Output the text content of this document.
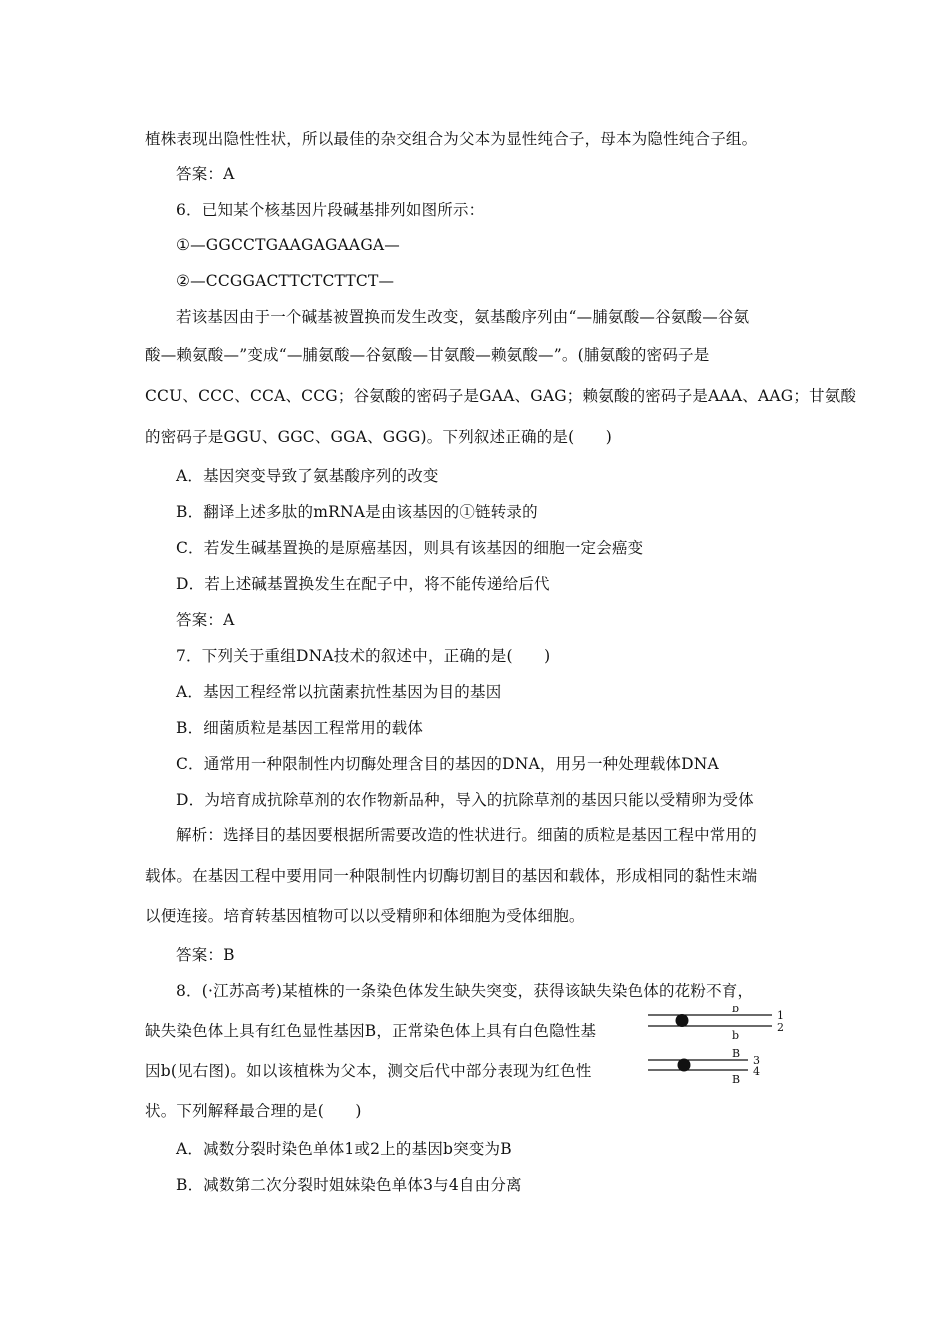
植株表现出隐性性状，所以最佳的杂交组合为父本为显性纯合子，母本为隐性纯合子组。
答案：A
6．已知某个核基因片段碱基排列如图所示：
①—GGCCTGAAGAGAAGA—
②—CCGGACTTCTCTTCT—
若该基因由于一个碱基被置换而发生改变，氨基酸序列由“—脯氨酸—谷氨酸—谷氨
酸—赖氨酸—”变成“—脯氨酸—谷氨酸—甘氨酸—赖氨酸—”。(脯氨酸的密码子是
CCU、CCC、CCA、CCG；谷氨酸的密码子是GAA、GAG；赖氨酸的密码子是AAA、AAG；甘氨酸
的密码子是GGU、GGC、GGA、GGG)。下列叙述正确的是(　　)
A．基因突变导致了氨基酸序列的改变
B．翻译上述多肽的mRNA是由该基因的①链转录的
C．若发生碱基置换的是原癌基因，则具有该基因的细胞一定会癌变
D．若上述碱基置换发生在配子中，将不能传递给后代
答案：A
7．下列关于重组DNA技术的叙述中，正确的是(　　)
A．基因工程经常以抗菌素抗性基因为目的基因
B．细菌质粒是基因工程常用的载体
C．通常用一种限制性内切酶处理含目的基因的DNA，用另一种处理载体DNA
D．为培育成抗除草剂的农作物新品种，导入的抗除草剂的基因只能以受精卵为受体
解析：选择目的基因要根据所需要改造的性状进行。细菌的质粒是基因工程中常用的
载体。在基因工程中要用同一种限制性内切酶切割目的基因和载体，形成相同的黏性末端
以便连接。培育转基因植物可以以受精卵和体细胞为受体细胞。
答案：B
8．(·江苏高考)某植株的一条染色体发生缺失突变，获得该缺失染色体的花粉不育，
缺失染色体上具有红色显性基因B，正常染色体上具有白色隐性基
因b(见右图)。如以该植株为父本，测交后代中部分表现为红色性
状。下列解释最合理的是(　　)
A．减数分裂时染色单体1或2上的基因b突变为B
B．减数第二次分裂时姐妹染色单体3与4自由分离
b
b
1
2
B
B
3
4
